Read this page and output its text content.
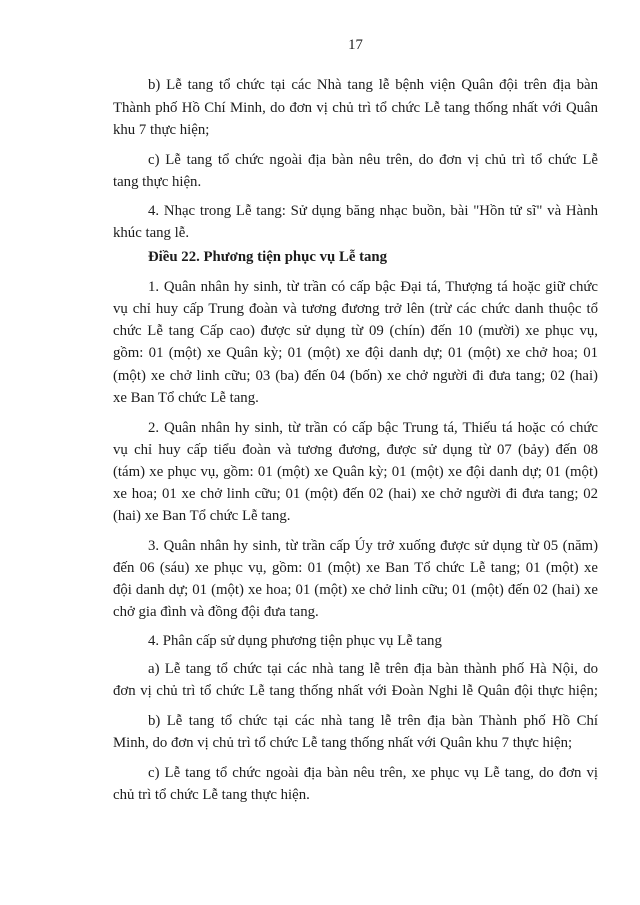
17
b) Lễ tang tổ chức tại các Nhà tang lễ bệnh viện Quân đội trên địa bàn
Thành phố Hồ Chí Minh, do đơn vị chủ trì tổ chức Lễ tang thống nhất với Quân
khu 7 thực hiện;
c) Lễ tang tổ chức ngoài địa bàn nêu trên, do đơn vị chủ trì tổ chức Lễ
tang thực hiện.
4. Nhạc trong Lễ tang: Sử dụng băng nhạc buồn, bài "Hồn tử sĩ" và Hành
khúc tang lễ.
Điều 22. Phương tiện phục vụ Lễ tang
1. Quân nhân hy sinh, từ trần có cấp bậc Đại tá, Thượng tá hoặc giữ chức
vụ chỉ huy cấp Trung đoàn và tương đương trở lên (trừ các chức danh thuộc tổ
chức Lễ tang Cấp cao) được sử dụng từ 09 (chín) đến 10 (mười) xe phục vụ,
gồm: 01 (một) xe Quân kỳ; 01 (một) xe đội danh dự; 01 (một) xe chở hoa; 01
(một) xe chở linh cữu; 03 (ba) đến 04 (bốn) xe chở người đi đưa tang; 02 (hai)
xe Ban Tổ chức Lễ tang.
2. Quân nhân hy sinh, từ trần có cấp bậc Trung tá, Thiếu tá hoặc có chức
vụ chỉ huy cấp tiểu đoàn và tương đương, được sử dụng từ 07 (bảy) đến 08
(tám) xe phục vụ, gồm: 01 (một) xe Quân kỳ; 01 (một) xe đội danh dự; 01 (một)
xe hoa; 01 xe chở linh cữu; 01 (một) đến 02 (hai) xe chở người đi đưa tang; 02
(hai) xe Ban Tổ chức Lễ tang.
3. Quân nhân hy sinh, từ trần cấp Úy trở xuống được sử dụng từ 05 (năm)
đến 06 (sáu) xe phục vụ, gồm: 01 (một) xe Ban Tổ chức Lễ tang; 01 (một) xe
đội danh dự; 01 (một) xe hoa; 01 (một) xe chở linh cữu; 01 (một) đến 02 (hai) xe
chở gia đình và đồng đội đưa tang.
4. Phân cấp sử dụng phương tiện phục vụ Lễ tang
a) Lễ tang tổ chức tại các nhà tang lễ trên địa bàn thành phố Hà Nội, do
đơn vị chủ trì tổ chức Lễ tang thống nhất với Đoàn Nghi lễ Quân đội thực hiện;
b) Lễ tang tổ chức tại các nhà tang lễ trên địa bàn Thành phố Hồ Chí
Minh, do đơn vị chủ trì tổ chức Lễ tang thống nhất với Quân khu 7 thực hiện;
c) Lễ tang tổ chức ngoài địa bàn nêu trên, xe phục vụ Lễ tang, do đơn vị
chủ trì tổ chức Lễ tang thực hiện.
